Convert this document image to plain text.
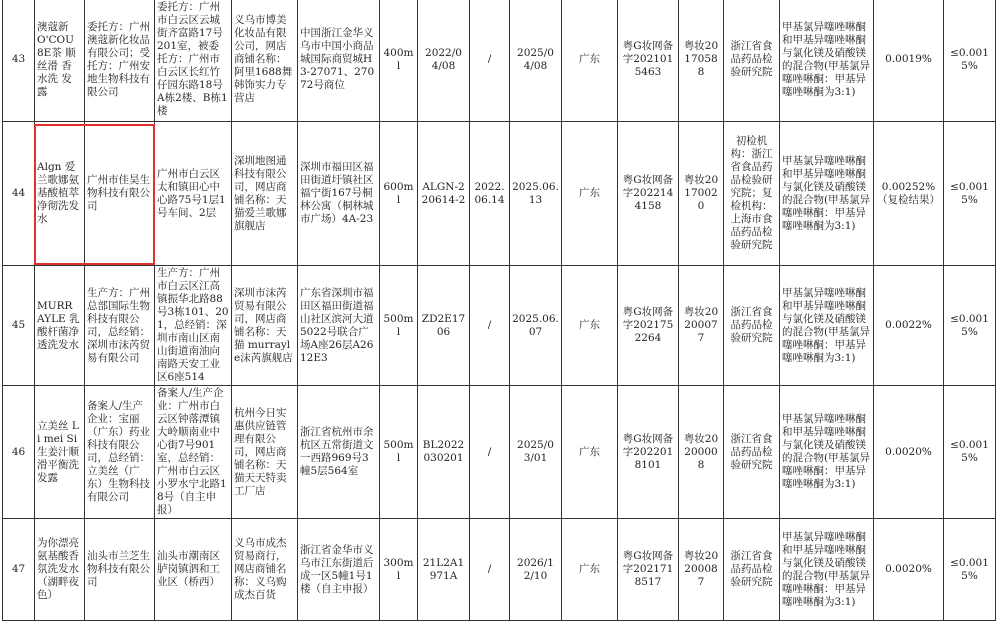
43	澳蔻新 O'COU 8E茶 顺丝滑 香水洗 发露	委托方：广州澳蔻新化妆品有限公司；受托方：广州安地生物科技有限公司	委托方：广州市白云区云城街齐富路17号201室，被委托方：广州市白云区长红竹仔园东路18号A栋2楼、B栋1楼	义乌市博美化妆品有限公司，网店商铺名称：阿里1688舞韩饰实力专营店	中国浙江金华义乌市中国小商品城国际商贸城H3-27071、27072号商位	400ml	2022/04/08	/	2025/04/08	广东	粤G妆网备字2021015463	粤妆20170588	浙江省食品药品检验研究院	甲基氯异噻唑啉酮和甲基异噻唑啉酮与氯化镁及硝酸镁的混合物(甲基氯异噻唑啉酮：甲基异噻唑啉酮为3:1)	0.0019%	≤0.0015%
44	Algn 爱兰歌娜氨基酸植萃净彻洗发水	广州市佳昊生物科技有限公司	广州市白云区太和镇田心中心路75号1层1号车间、2层	深圳地图通科技有限公司，网店商铺名称：天猫爱兰歌娜旗舰店	深圳市福田区福田街道圩镇社区福宁街167号桐林公寓（桐林城市广场）4A-23	600ml	ALGN-220614-2	2022.06.14	2025.06.13	广东	粤G妆网备字2022144158	粤妆20170020	初检机构：浙江省食品药品检验研究院；复检机构：上海市食品药品检验研究院	甲基氯异噻唑啉酮和甲基异噻唑啉酮与氯化镁及硝酸镁的混合物(甲基氯异噻唑啉酮：甲基异噻唑啉酮为3:1)	0.00252%（复检结果）	≤0.0015%
45	MURR AYLE 乳酸杆菌净透洗发水	生产方：广州总部国际生物科技有限公司，总经销：深圳市沫芮贸易有限公司	生产方：广州市白云区江高镇振华北路88号3栋101、201，总经销：深圳市南山区南山街道南油向南路天安工业区6座514	深圳市沫芮贸易有限公司，网店商铺名称：天猫 murrayle沫芮旗舰店	广东省深圳市福田区福田街道福山社区滨河大道5022号联合广场A座26层A2612E3	500ml	ZD2E1706	/	2025.06.07	广东	粤G妆网备字2021752264	粤妆20200077	浙江省食品药品检验研究院	甲基氯异噻唑啉酮和甲基异噻唑啉酮与氯化镁及硝酸镁的混合物(甲基氯异噻唑啉酮：甲基异噻唑啉酮为3:1)	0.0022%	≤0.0015%
46	立美丝 Li mei Si 生姜汁顺滑平衡洗发露	备案人/生产企业：宝丽（广东）药业科技有限公司，总经销：立美丝（广东）生物科技有限公司	备案人/生产企业：广州市白云区钟落潭镇大岭顺南业中心街7号901室，总经销：广州市白云区小罗水宁北路18号（自主申报）	杭州今日实惠供应链管理有限公司，网店商铺名称：天猫天天特卖工厂店	浙江省杭州市余杭区五常街道文一西路969号3幢5层564室	500ml	BL2022030201	/	2025/03/01	广东	粤G妆网备字2022018101	粤妆20200008	浙江省食品药品检验研究院	甲基氯异噻唑啉酮和甲基异噻唑啉酮与氯化镁及硝酸镁的混合物(甲基氯异噻唑啉酮：甲基异噻唑啉酮为3:1)	0.0020%	≤0.0015%
47	为你漂亮氨基酸香氛洗发水（湖畔夜色）	汕头市兰芝生物科技有限公司	汕头市潮南区胪岗镇泗和工业区（桥西）	义乌市成杰贸易商行，网店商铺名称：义乌购成杰百货	浙江省金华市义乌市江东街道后成一区5幢1号1楼（自主申报）	300ml	21L2A1971A	/	2026/12/10	广东	粤G妆网备字2021718517	粤妆20200087	浙江省食品药品检验研究院	甲基氯异噻唑啉酮和甲基异噻唑啉酮与氯化镁及硝酸镁的混合物(甲基氯异噻唑啉酮：甲基异噻唑啉酮为3:1)	0.0020%	≤0.0015%
